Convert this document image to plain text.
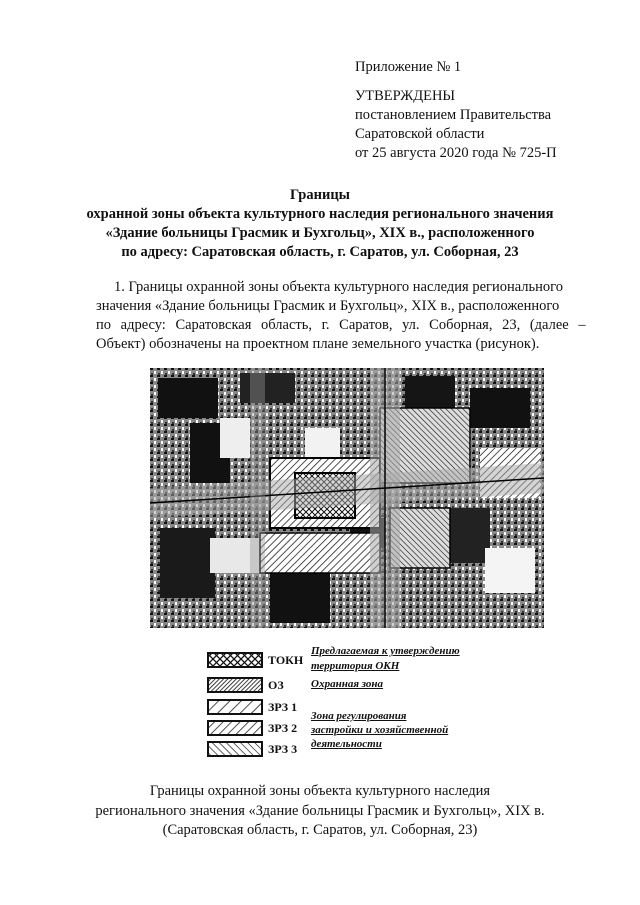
Приложение № 1
УТВЕРЖДЕНЫ
постановлением Правительства
Саратовской области
от 25 августа 2020 года № 725-П
Границы
охранной зоны объекта культурного наследия регионального значения
«Здание больницы Грасмик и Бухгольц», XIX в., расположенного
по адресу: Саратовская область, г. Саратов, ул. Соборная, 23
1. Границы охранной зоны объекта культурного наследия регионального
значения «Здание больницы Грасмик и Бухгольц», XIX в., расположенного
по адресу: Саратовская область, г. Саратов, ул. Соборная, 23, (далее –
Объект) обозначены на проектном плане земельного участка (рисунок).
ТОКН
Предлагаемая к утверждению
территория ОКН
ОЗ Охранная зона
ЗРЗ 1
ЗРЗ 2
ЗРЗ 3
Зона регулирования
застройки и хозяйственной
деятельности
Границы охранной зоны объекта культурного наследия
регионального значения «Здание больницы Грасмик и Бухгольц», XIX в.
(Саратовская область, г. Саратов, ул. Соборная, 23)
